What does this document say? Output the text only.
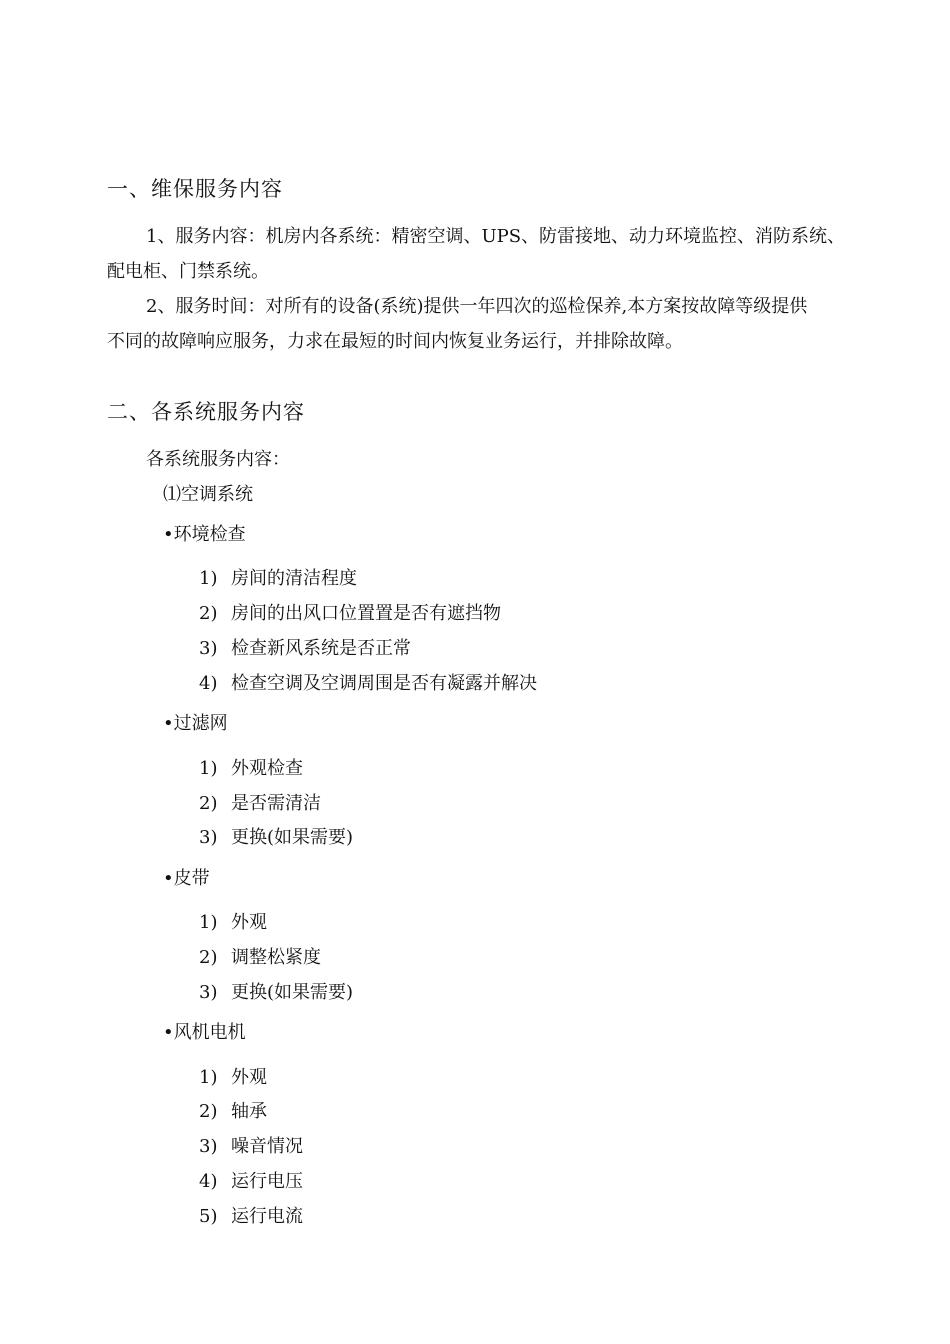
一、维保服务内容
1、服务内容：机房内各系统：精密空调、UPS、防雷接地、动力环境监控、消防系统、
配电柜、门禁系统。
2、服务时间：对所有的设备(系统)提供一年四次的巡检保养,本方案按故障等级提供
不同的故障响应服务，力求在最短的时间内恢复业务运行，并排除故障。
二、各系统服务内容
各系统服务内容：
⑴空调系统
•环境检查
1) 房间的清洁程度
2) 房间的出风口位置置是否有遮挡物
3) 检查新风系统是否正常
4) 检查空调及空调周围是否有凝露并解决
•过滤网
1) 外观检查
2) 是否需清洁
3) 更换(如果需要)
•皮带
1) 外观
2) 调整松紧度
3) 更换(如果需要)
•风机电机
1) 外观
2) 轴承
3) 噪音情况
4) 运行电压
5) 运行电流
